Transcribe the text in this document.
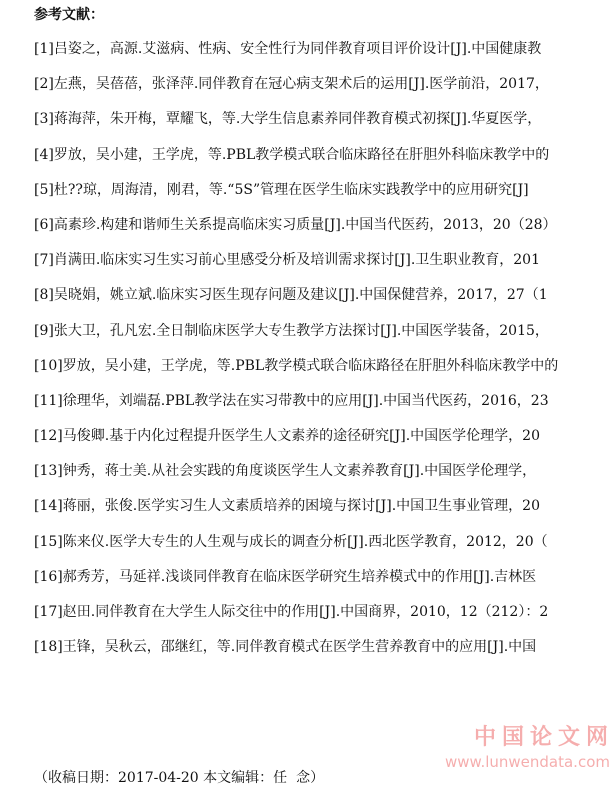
参考文献：
[1]吕姿之，高源.艾滋病、性病、安全性行为同伴教育项目评价设计[J].中国健康教
[2]左燕，吴蓓蓓，张泽萍.同伴教育在冠心病支架术后的运用[J].医学前沿，2017，
[3]蒋海萍，朱开梅，覃耀飞，等.大学生信息素养同伴教育模式初探[J].华夏医学，
[4]罗放，吴小建，王学虎，等.PBL教学模式联合临床路径在肝胆外科临床教学中的
[5]杜??琼，周海清，刚君，等.“5S”管理在医学生临床实践教学中的应用研究[J]
[6]高素珍.构建和谐师生关系提高临床实习质量[J].中国当代医药，2013，20（28）
[7]肖满田.临床实习生实习前心里感受分析及培训需求探讨[J].卫生职业教育，201
[8]吴晓娟，姚立斌.临床实习医生现存问题及建议[J].中国保健营养，2017，27（1
[9]张大卫，孔凡宏.全日制临床医学大专生教学方法探讨[J].中国医学装备，2015，
[10]罗放，吴小建，王学虎，等.PBL教学模式联合临床路径在肝胆外科临床教学中的
[11]徐理华，刘端磊.PBL教学法在实习带教中的应用[J].中国当代医药，2016，23
[12]马俊卿.基于内化过程提升医学生人文素养的途径研究[J].中国医学伦理学，20
[13]钟秀，蒋士美.从社会实践的角度谈医学生人文素养教育[J].中国医学伦理学，
[14]蒋丽，张俊.医学实习生人文素质培养的困境与探讨[J].中国卫生事业管理，20
[15]陈来仪.医学大专生的人生观与成长的调查分析[J].西北医学教育，2012，20（
[16]郝秀芳，马延祥.浅谈同伴教育在临床医学研究生培养模式中的作用[J].吉林医
[17]赵田.同伴教育在大学生人际交往中的作用[J].中国商界，2010，12（212）：2
[18]王锋，吴秋云，邵继红，等.同伴教育模式在医学生营养教育中的应用[J].中国
（收稿日期：2017-04-20 本文编辑：任  念）
中国论文网
www.lunwendata.com
